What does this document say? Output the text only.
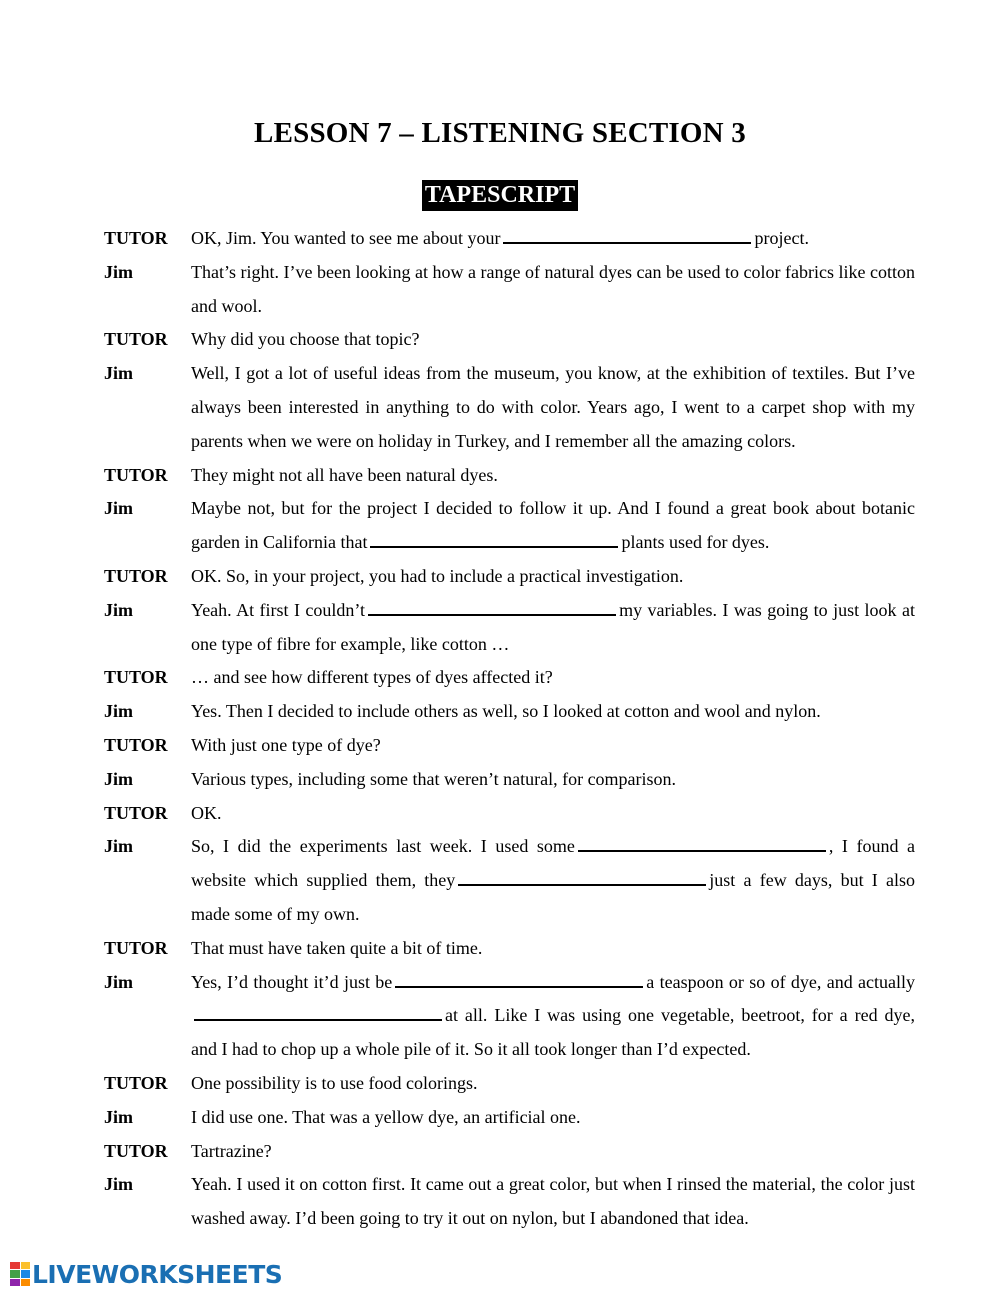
LESSON 7 – LISTENING SECTION 3
TAPESCRIPT
TUTOR	OK, Jim. You wanted to see me about your	project.
Jim	That’s right. I’ve been looking at how a range of natural dyes can be used to color fabrics like cotton and wool.
TUTOR	Why did you choose that topic?
Jim	Well, I got a lot of useful ideas from the museum, you know, at the exhibition of textiles. But I’ve always been interested in anything to do with color. Years ago, I went to a carpet shop with my parents when we were on holiday in Turkey, and I remember all the amazing colors.
TUTOR	They might not all have been natural dyes.
Jim	Maybe not, but for the project I decided to follow it up. And I found a great book about botanic garden in California that	plants used for dyes.
TUTOR	OK. So, in your project, you had to include a practical investigation.
Jim	Yeah. At first I couldn’t	my variables. I was going to just look at one type of fibre for example, like cotton …
TUTOR	… and see how different types of dyes affected it?
Jim	Yes. Then I decided to include others as well, so I looked at cotton and wool and nylon.
TUTOR	With just one type of dye?
Jim	Various types, including some that weren’t natural, for comparison.
TUTOR	OK.
Jim	So, I did the experiments last week. I used some	, I found a website which supplied them, they	just a few days, but I also made some of my own.
TUTOR	That must have taken quite a bit of time.
Jim	Yes, I’d thought it’d just be	a teaspoon or so of dye, and actuallyat all. Like I was using one vegetable, beetroot, for a red dye, and I had to chop up a whole pile of it. So it all took longer than I’d expected.
TUTOR	One possibility is to use food colorings.
Jim	I did use one. That was a yellow dye, an artificial one.
TUTOR	Tartrazine?
Jim	Yeah. I used it on cotton first. It came out a great color, but when I rinsed the material, the color just washed away. I’d been going to try it out on nylon, but I abandoned that idea.
LIVEWORKSHEETS
